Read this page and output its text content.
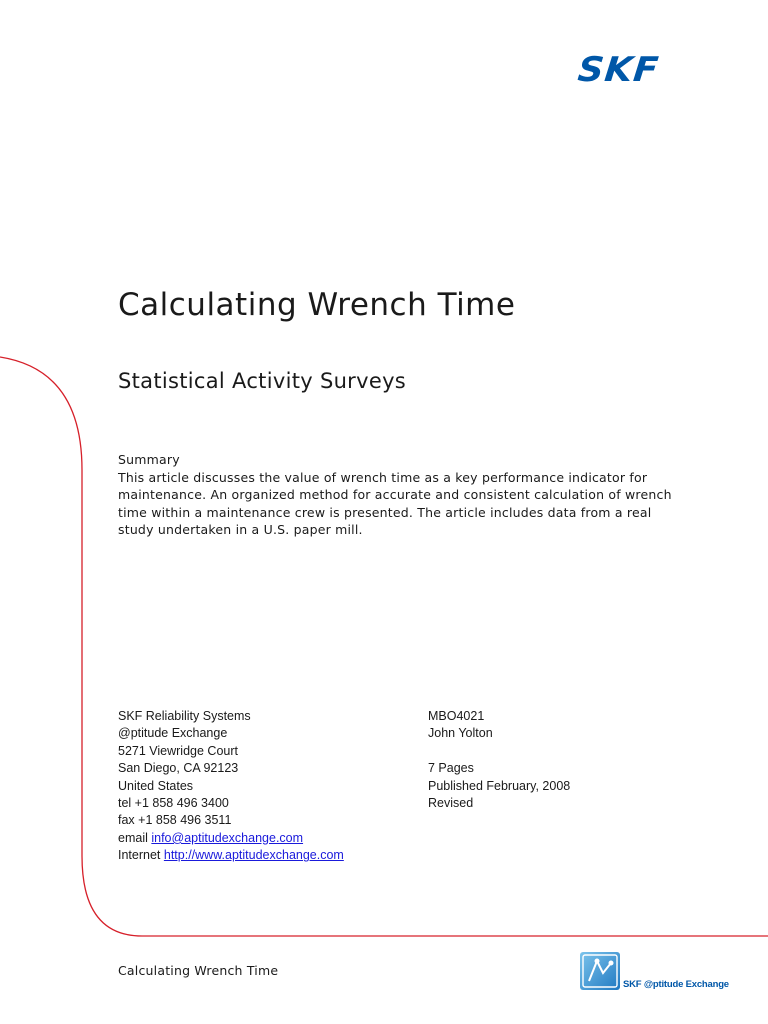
SKF
Calculating Wrench Time
Statistical Activity Surveys

Summary

This article discusses the value of wrench time as a key performance indicator for maintenance. An organized method for accurate and consistent calculation of wrench time within a maintenance crew is presented. The article includes data from a real study undertaken in a U.S. paper mill.

SKF Reliability Systems
@ptitude Exchange
5271 Viewridge Court
San Diego, CA 92123
United States
tel +1 858 496 3400
fax +1 858 496 3511
email info@aptitudexchange.com
Internet http://www.aptitudexchange.com
MBO4021
John Yolton
7 Pages
Published February, 2008
Revised
Calculating Wrench Time
SKF @ptitude Exchange
